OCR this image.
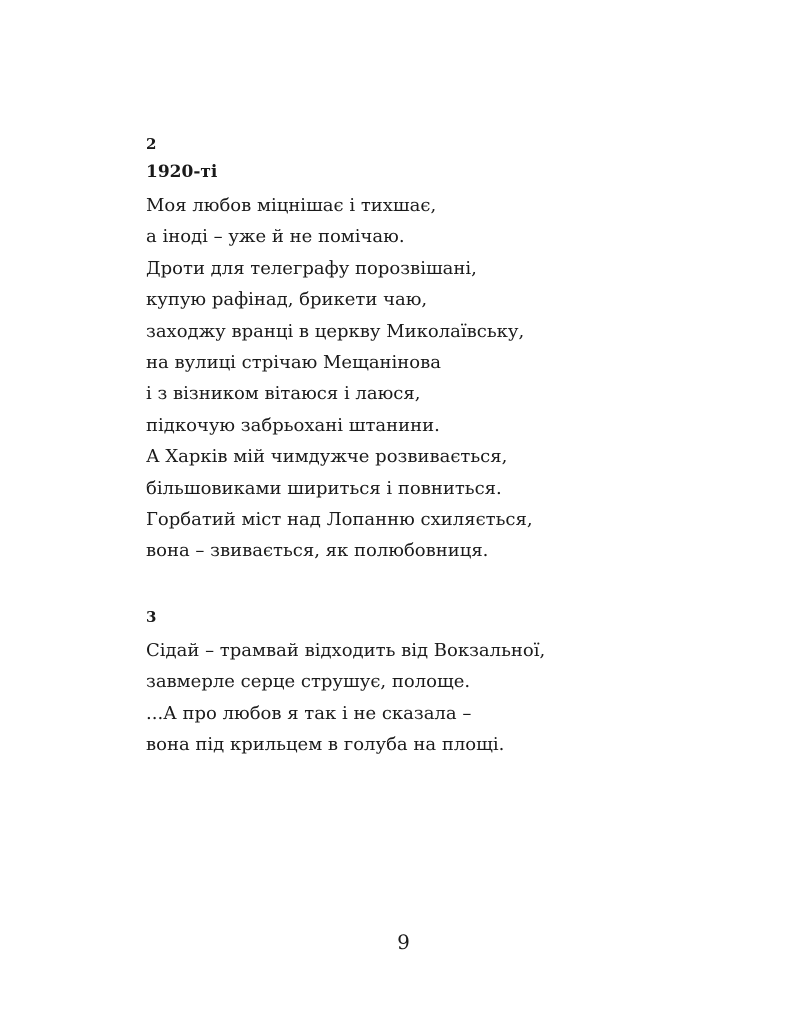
2
1920-ті
Моя любов міцнішає і тихшає,
а іноді – уже й не помічаю.
Дроти для телеграфу порозвішані,
купую рафінад, брикети чаю,
заходжу вранці в церкву Миколаївську,
на вулиці стрічаю Мещанінова
і з візником вітаюся і лаюся,
підкочую забрьохані штанини.
А Харків мій чимдужче розвивається,
більшовиками шириться і повниться.
Горбатий міст над Лопанню схиляється,
вона – звивається, як полюбовниця.
3
Сідай – трамвай відходить від Вокзальної,
завмерле серце струшує, полоще.
...А про любов я так і не сказала –
вона під крильцем в голуба на площі.
9
